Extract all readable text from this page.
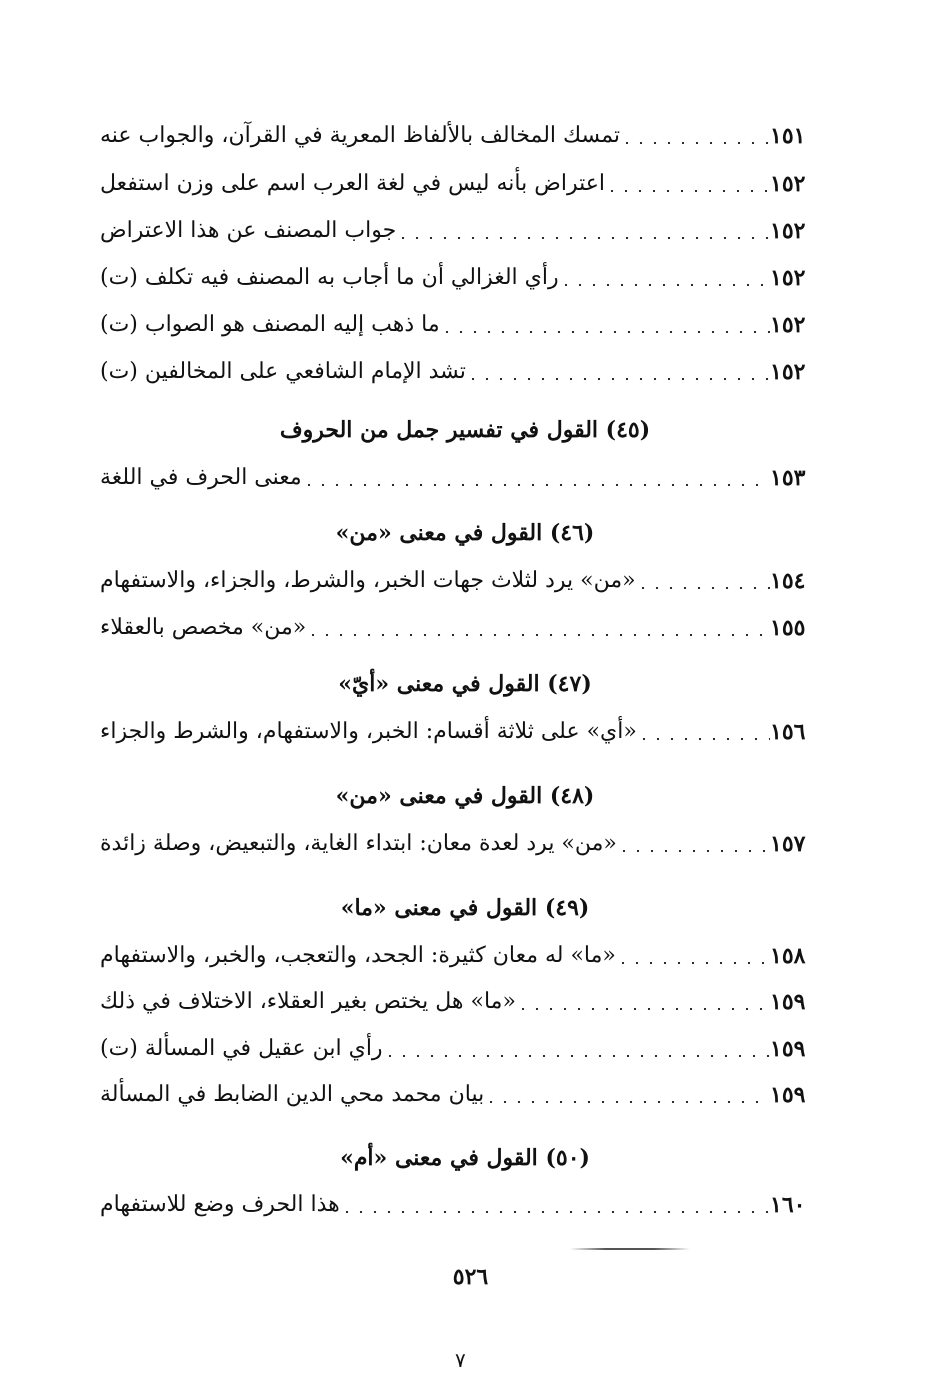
تمسك المخالف بالألفاظ المعرية في القرآن، والجواب عنه	١٥١
اعتراض بأنه ليس في لغة العرب اسم على وزن استفعل	١٥٢
جواب المصنف عن هذا الاعتراض	١٥٢
رأي الغزالي أن ما أجاب به المصنف فيه تكلف (ت)	١٥٢
ما ذهب إليه المصنف هو الصواب (ت)	١٥٢
تشد الإمام الشافعي على المخالفين (ت)	١٥٢
(٤٥) القول في تفسير جمل من الحروف
معنى الحرف في اللغة	١٥٣
(٤٦) القول في معنى «من»
«من» يرد لثلاث جهات الخبر، والشرط، والجزاء، والاستفهام	١٥٤
«من» مخصص بالعقلاء	١٥٥
(٤٧) القول في معنى «أيّ»
«أي» على ثلاثة أقسام: الخبر، والاستفهام، والشرط والجزاء	١٥٦
(٤٨) القول في معنى «من»
«من» يرد لعدة معان: ابتداء الغاية، والتبعيض، وصلة زائدة	١٥٧
(٤٩) القول في معنى «ما»
«ما» له معان كثيرة: الجحد، والتعجب، والخبر، والاستفهام	١٥٨
«ما» هل يختص بغير العقلاء، الاختلاف في ذلك	١٥٩
رأي ابن عقيل في المسألة (ت)	١٥٩
بيان محمد محي الدين الضابط في المسألة	١٥٩
(٥٠) القول في معنى «أم»
هذا الحرف وضع للاستفهام	١٦٠
٥٢٦
٧
